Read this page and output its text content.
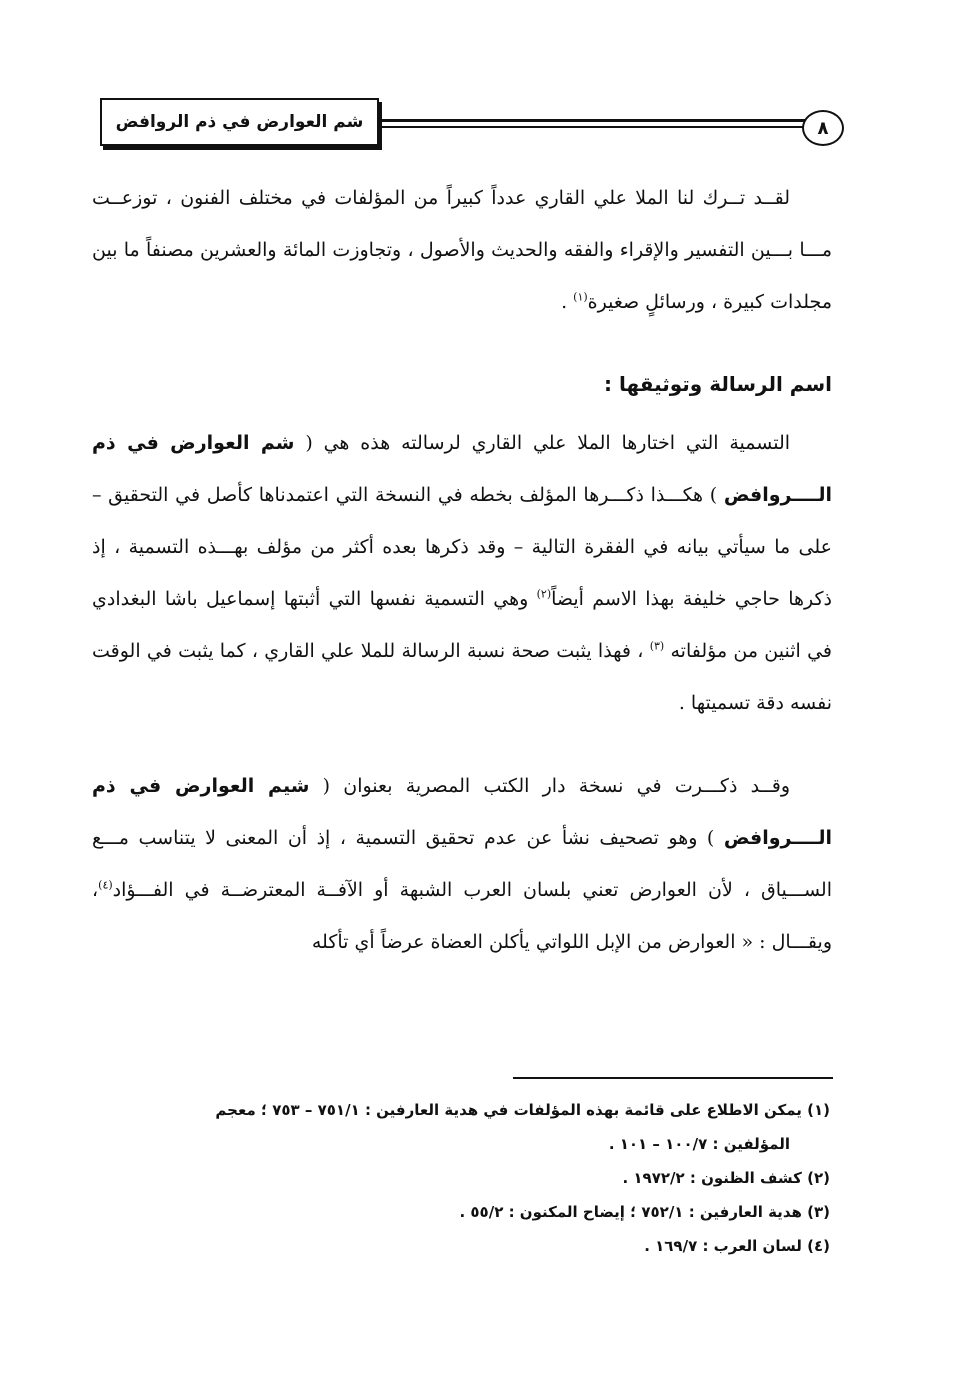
شم العوارض في ذم الروافض	٨

لقــد تــرك لنا الملا علي القاري عدداً كبيراً من المؤلفات في مختلف الفنون ، توزعــت مـــا بـــين التفسير والإقراء والفقه والحديث والأصول ، وتجاوزت المائة والعشرين مصنفاً ما بين مجلدات كبيرة ، ورسائلٍ صغيرة$^{(١)}$ .

اسم الرسالة وتوثيقها :

التسمية التي اختارها الملا علي القاري لرسالته هذه هي ( شم العوارض في ذم الــــروافض ) هكـــذا ذكـــرها المؤلف بخطه في النسخة التي اعتمدناها كأصل في التحقيق – على ما سيأتي بيانه في الفقرة التالية – وقد ذكرها بعده أكثر من مؤلف بهـــذه التسمية ، إذ ذكرها حاجي خليفة بهذا الاسم أيضاً$^{(٢)}$ وهي التسمية نفسها التي أثبتها إسماعيل باشا البغدادي في اثنين من مؤلفاته $^{(٣)}$ ، فهذا يثبت صحة نسبة الرسالة للملا علي القاري ، كما يثبت في الوقت نفسه دقة تسميتها .

وقــد ذكـــرت في نسخة دار الكتب المصرية بعنوان ( شيم العوارض في ذم الــــروافض ) وهو تصحيف نشأ عن عدم تحقيق التسمية ، إذ أن المعنى لا يتناسب مـــع الســـياق ، لأن العوارض تعني بلسان العرب الشبهة أو الآفــة المعترضــة في الفـــؤاد$^{(٤)}$، ويقـــال : « العوارض من الإبل اللواتي يأكلن العضاة عرضاً أي تأكله

(١) يمكن الاطلاع على قائمة بهذه المؤلفات في هدية العارفين : ٧٥١/١ – ٧٥٣ ؛ معجم

المؤلفين : ١٠٠/٧ – ١٠١ .

(٢) كشف الظنون : ١٩٧٢/٢ .

(٣) هدية العارفين : ٧٥٢/١ ؛ إيضاح المكنون : ٥٥/٢ .

(٤) لسان العرب : ١٦٩/٧ .
